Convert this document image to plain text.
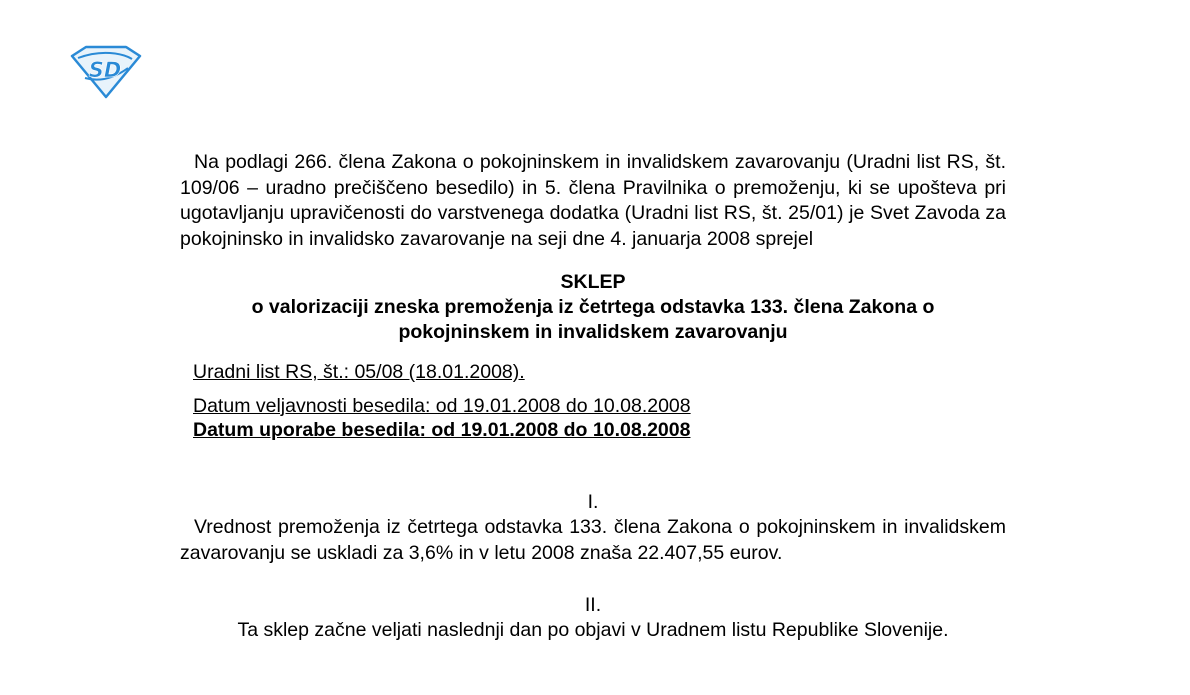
SD

Na podlagi 266. člena Zakona o pokojninskem in invalidskem zavarovanju (Uradni list RS, št. 109/06 – uradno prečiščeno besedilo) in 5. člena Pravilnika o premoženju, ki se upošteva pri ugotavljanju upravičenosti do varstvenega dodatka (Uradni list RS, št. 25/01) je Svet Zavoda za pokojninsko in invalidsko zavarovanje na seji dne 4. januarja 2008 sprejel

SKLEP
o valorizaciji zneska premoženja iz četrtega odstavka 133. člena Zakona o pokojninskem in invalidskem zavarovanju
Uradni list RS, št.: 05/08 (18.01.2008).
Datum veljavnosti besedila: od 19.01.2008 do 10.08.2008
Datum uporabe besedila: od 19.01.2008 do 10.08.2008
I.

Vrednost premoženja iz četrtega odstavka 133. člena Zakona o pokojninskem in invalidskem zavarovanju se uskladi za 3,6% in v letu 2008 znaša 22.407,55 eurov.

II.

Ta sklep začne veljati naslednji dan po objavi v Uradnem listu Republike Slovenije.
